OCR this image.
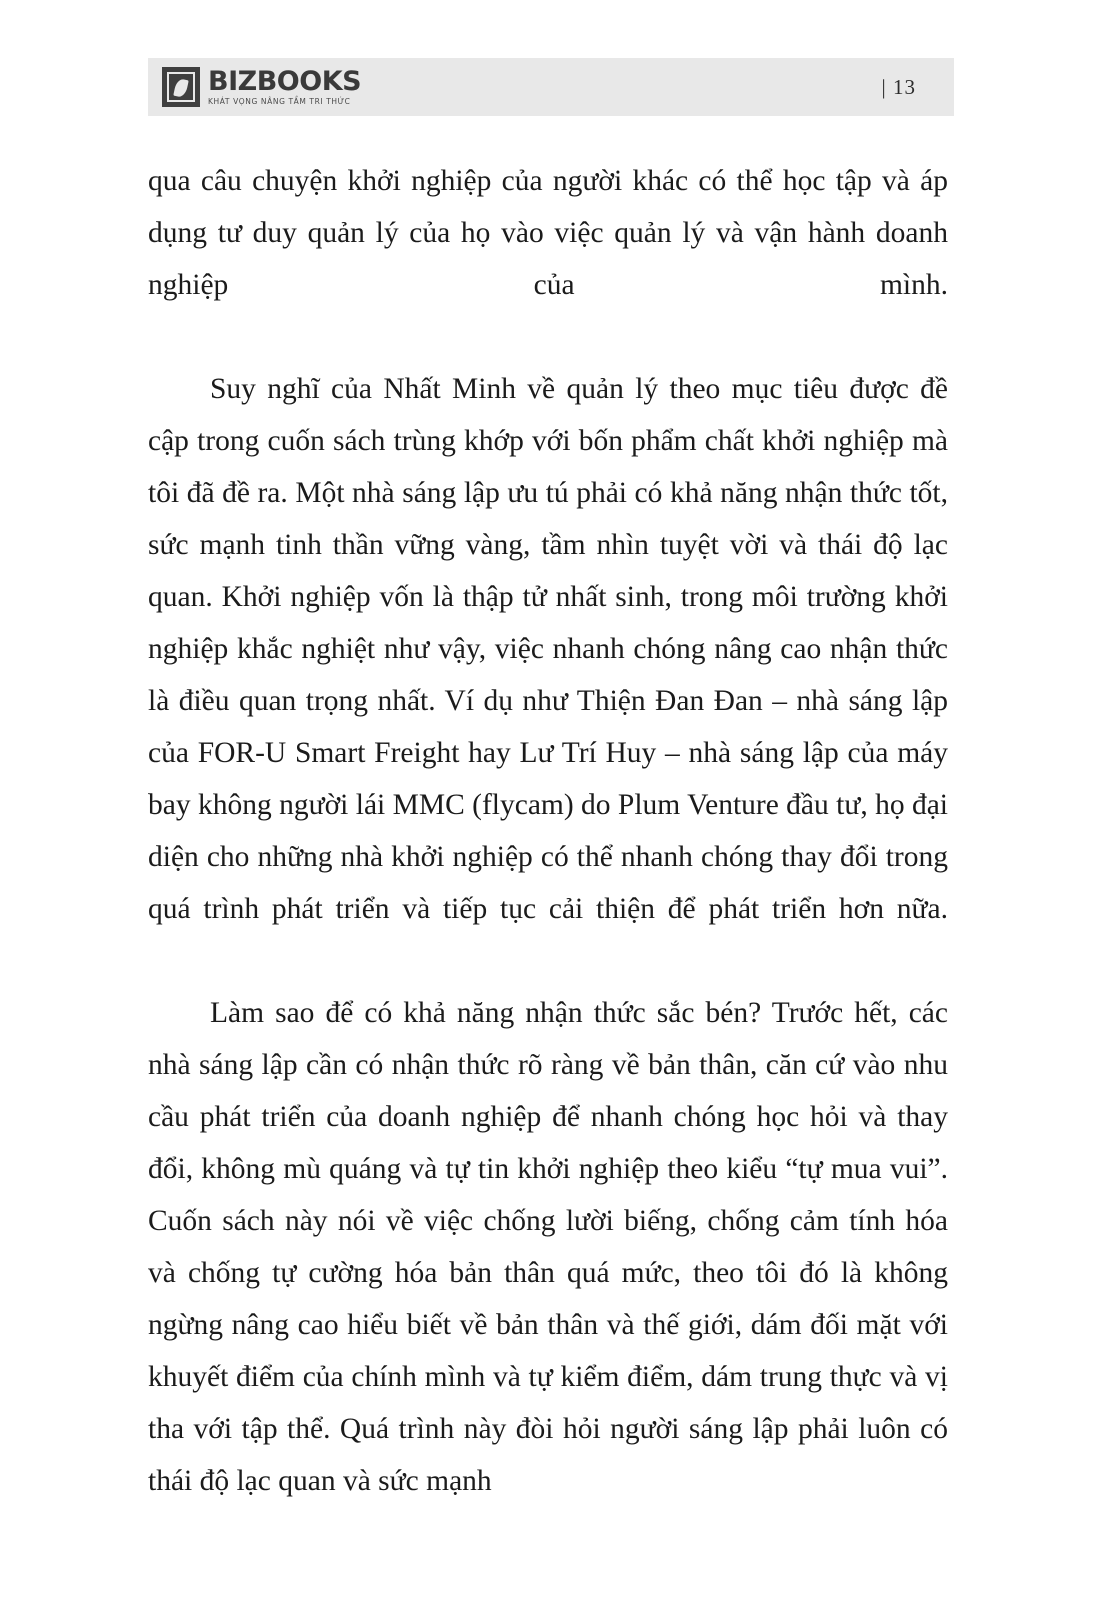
BIZBOOKS
KHÁT VỌNG NÂNG TẦM TRI THỨC
| 13

qua câu chuyện khởi nghiệp của người khác có thể học tập và áp dụng tư duy quản lý của họ vào việc quản lý và vận hành doanh nghiệp của mình.

Suy nghĩ của Nhất Minh về quản lý theo mục tiêu được đề cập trong cuốn sách trùng khớp với bốn phẩm chất khởi nghiệp mà tôi đã đề ra. Một nhà sáng lập ưu tú phải có khả năng nhận thức tốt, sức mạnh tinh thần vững vàng, tầm nhìn tuyệt vời và thái độ lạc quan. Khởi nghiệp vốn là thập tử nhất sinh, trong môi trường khởi nghiệp khắc nghiệt như vậy, việc nhanh chóng nâng cao nhận thức là điều quan trọng nhất. Ví dụ như Thiện Đan Đan – nhà sáng lập của FOR-U Smart Freight hay Lư Trí Huy – nhà sáng lập của máy bay không người lái MMC (flycam) do Plum Venture đầu tư, họ đại diện cho những nhà khởi nghiệp có thể nhanh chóng thay đổi trong quá trình phát triển và tiếp tục cải thiện để phát triển hơn nữa.

Làm sao để có khả năng nhận thức sắc bén? Trước hết, các nhà sáng lập cần có nhận thức rõ ràng về bản thân, căn cứ vào nhu cầu phát triển của doanh nghiệp để nhanh chóng học hỏi và thay đổi, không mù quáng và tự tin khởi nghiệp theo kiểu “tự mua vui”. Cuốn sách này nói về việc chống lười biếng, chống cảm tính hóa và chống tự cường hóa bản thân quá mức, theo tôi đó là không ngừng nâng cao hiểu biết về bản thân và thế giới, dám đối mặt với khuyết điểm của chính mình và tự kiểm điểm, dám trung thực và vị tha với tập thể. Quá trình này đòi hỏi người sáng lập phải luôn có thái độ lạc quan và sức mạnh
